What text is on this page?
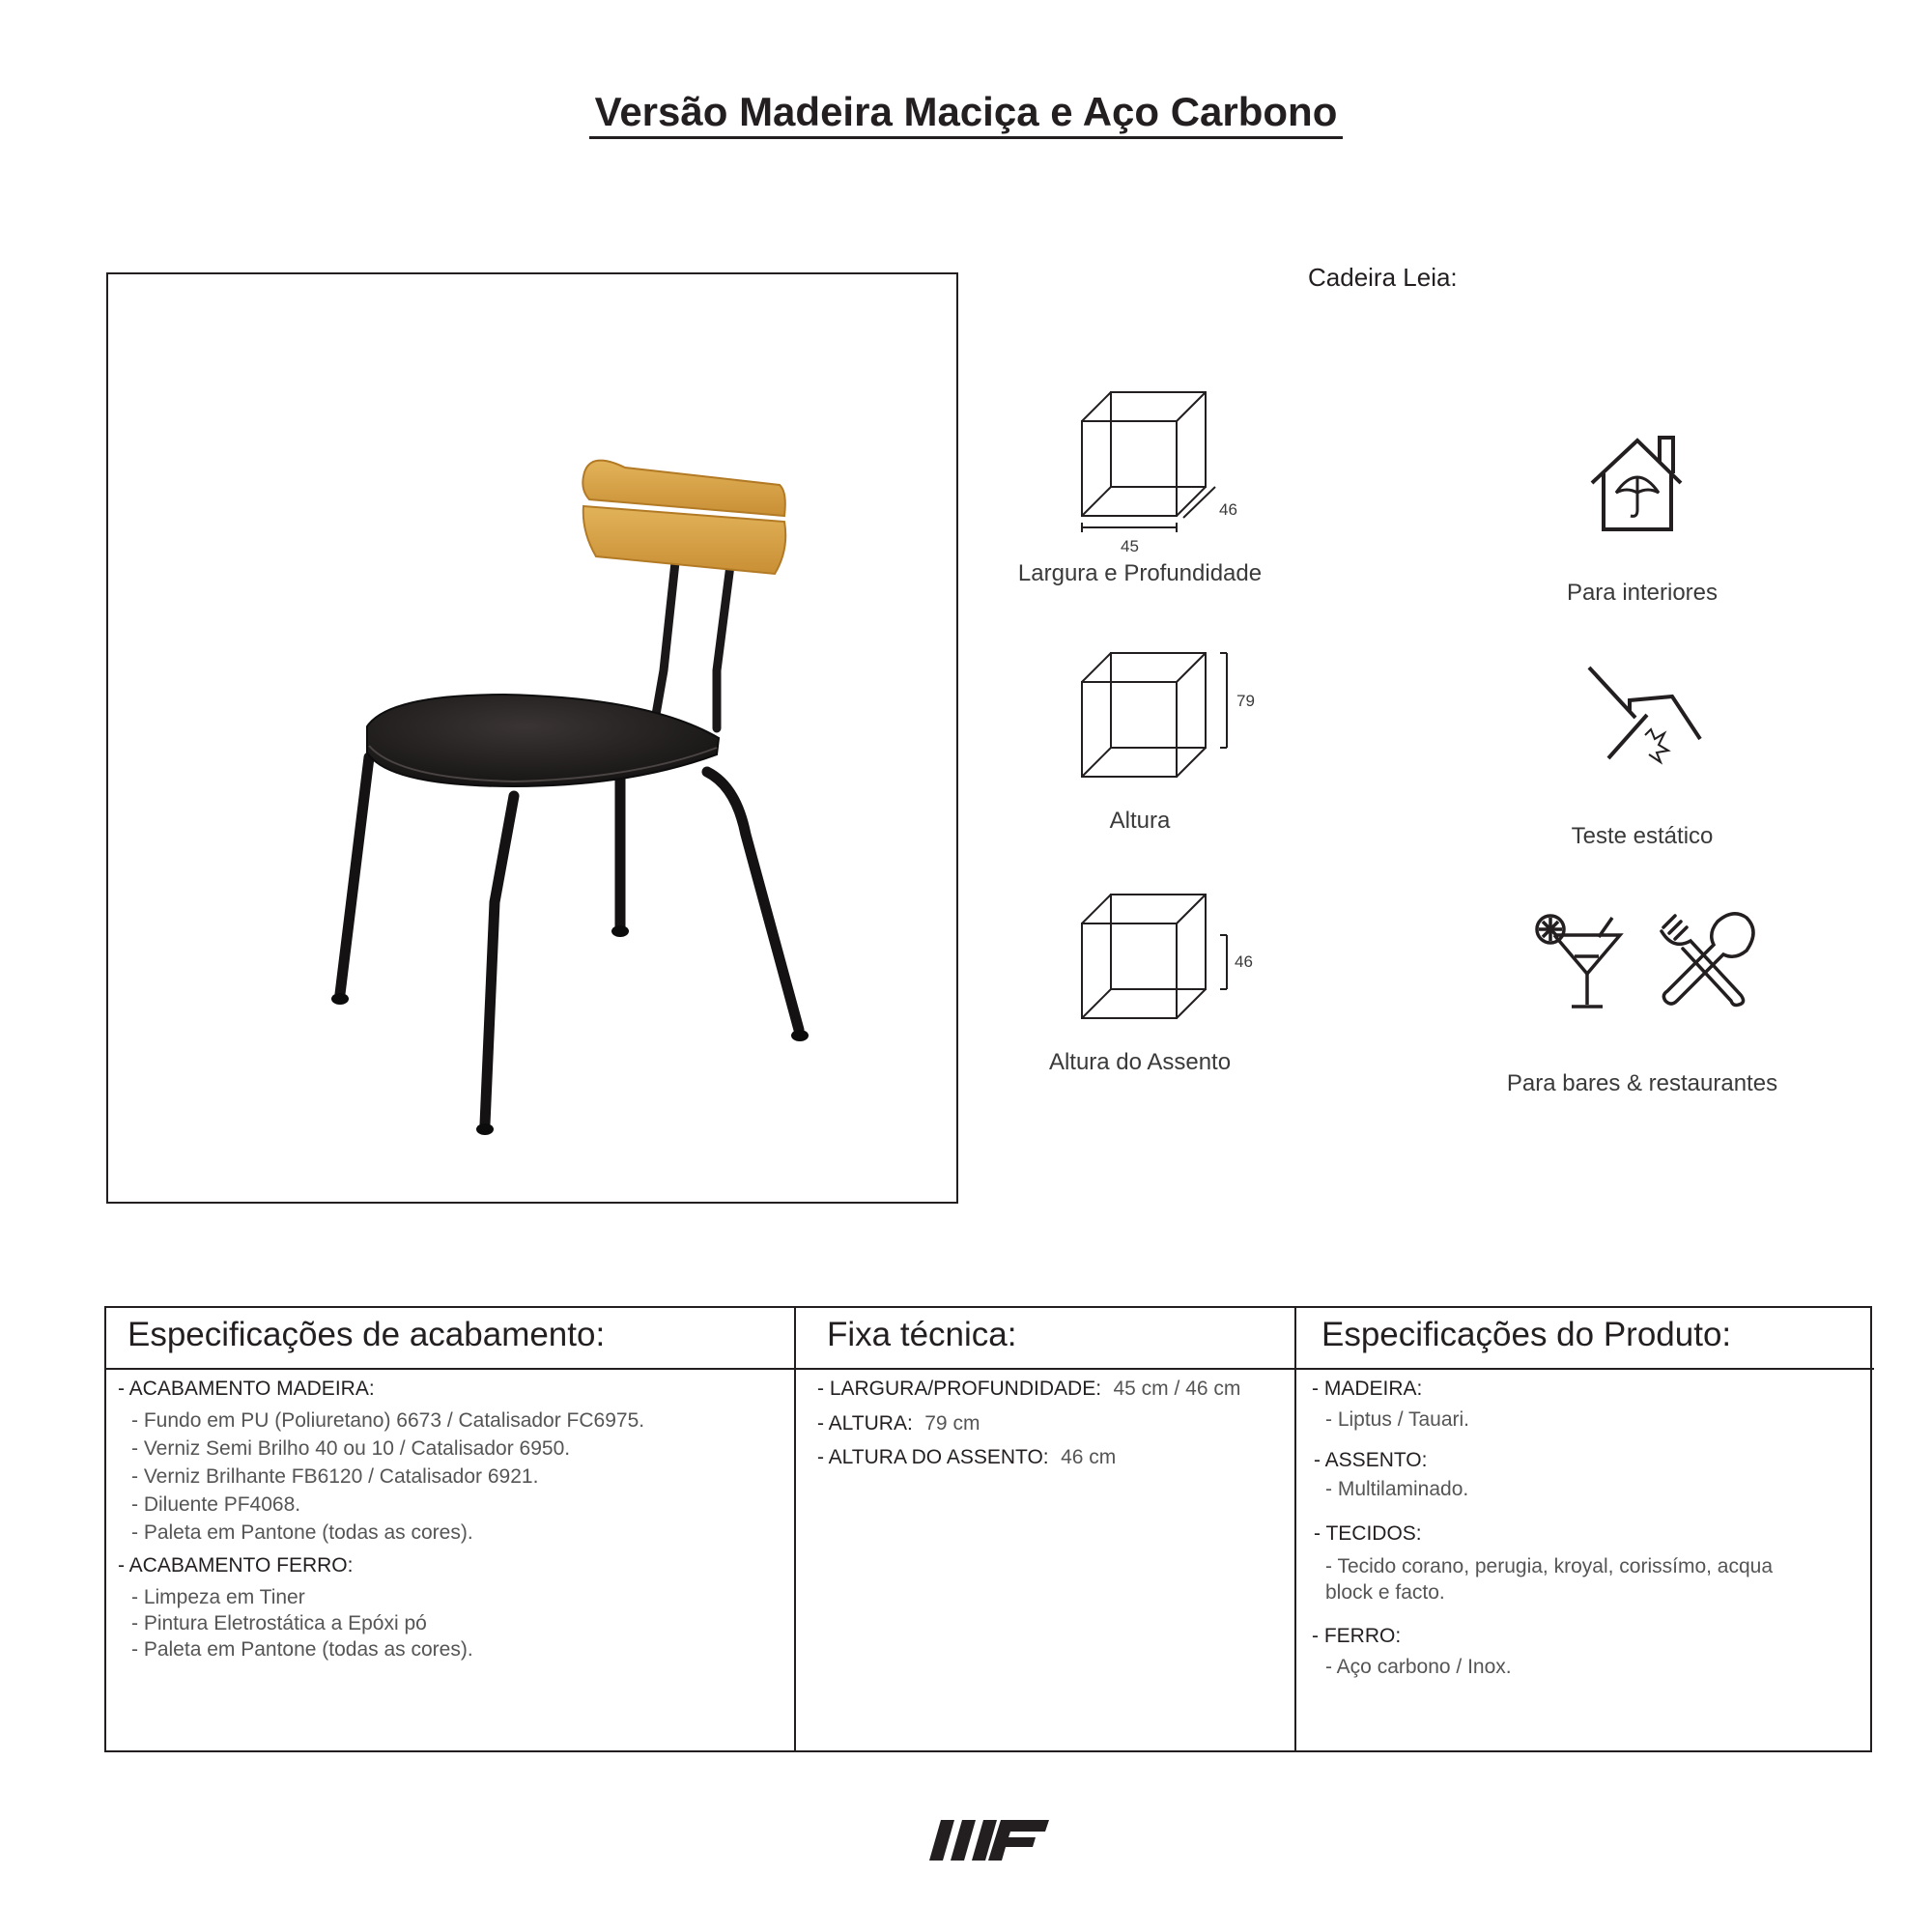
Versão Madeira Maciça e Aço Carbono
Cadeira Leia:
46
45
Largura e Profundidade
79
Altura
46
Altura do Assento
Para interiores
Teste estático
Para bares & restaurantes
Especificações de acabamento:
- ACABAMENTO MADEIRA:
- Fundo em PU (Poliuretano) 6673 / Catalisador FC6975.
- Verniz Semi Brilho 40 ou 10 / Catalisador 6950.
- Verniz Brilhante FB6120 / Catalisador 6921.
- Diluente PF4068.
- Paleta em Pantone (todas as cores).
- ACABAMENTO FERRO:
- Limpeza em Tiner
- Pintura Eletrostática a Epóxi pó
- Paleta em Pantone (todas as cores).
Fixa técnica:
- LARGURA/PROFUNDIDADE: 45 cm / 46 cm
- ALTURA: 79 cm
- ALTURA DO ASSENTO: 46 cm
Especificações do Produto:
- MADEIRA:
- Liptus / Tauari.
- ASSENTO:
- Multilaminado.
- TECIDOS:
- Tecido corano, perugia, kroyal, corissímo, acqua
block e facto.
- FERRO:
- Aço carbono / Inox.
